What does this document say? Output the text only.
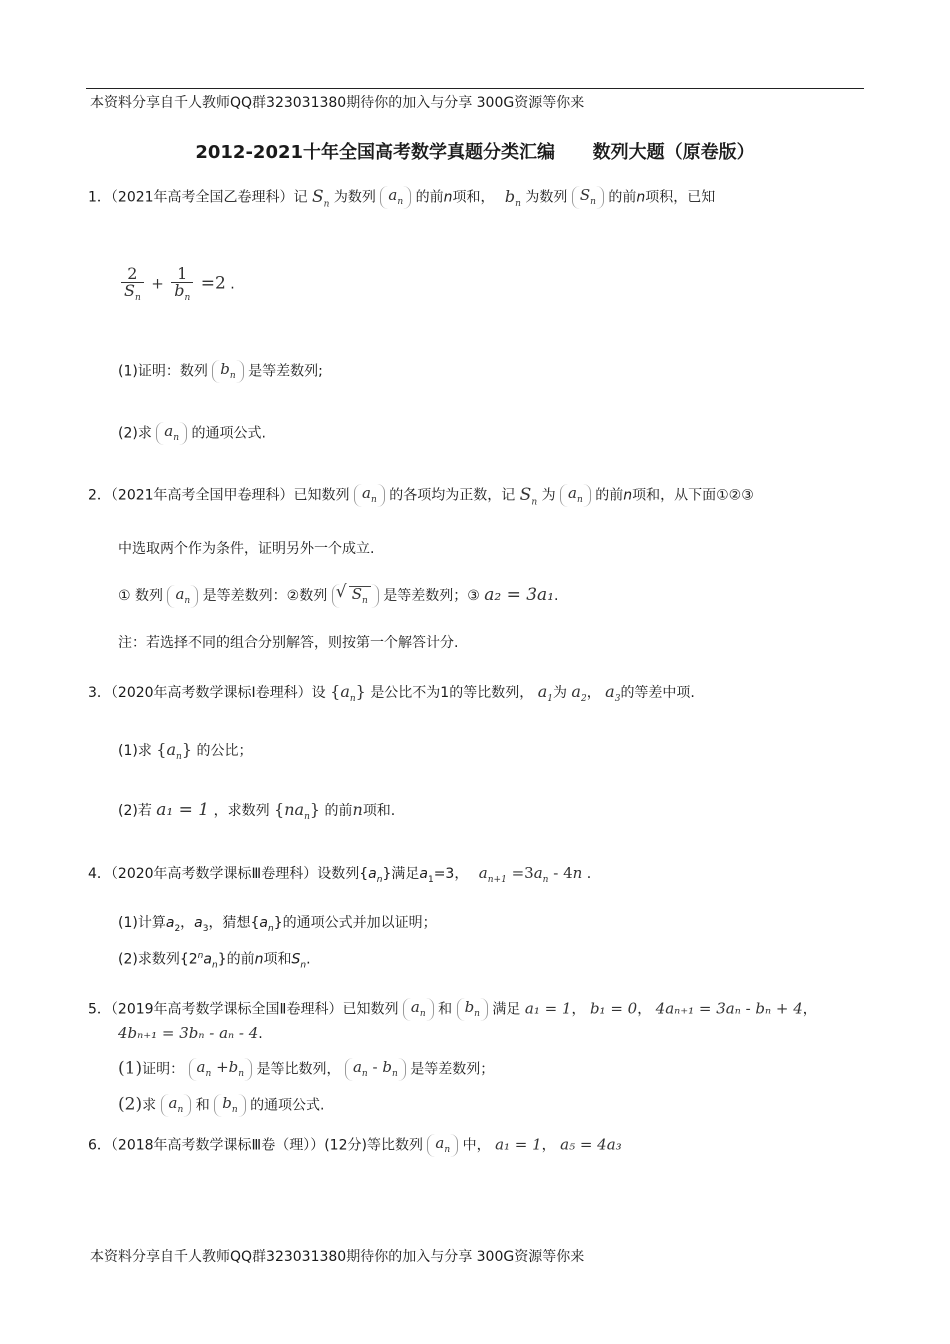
本资料分享自千人教师QQ群323031380期待你的加入与分享 300G资源等你来
2012-2021十年全国高考数学真题分类汇编      数列大题（原卷版）
1．（2021年高考全国乙卷理科）记 $S_n$ 为数列 $a_n$ 的前n项和， $b_n$ 为数列 $S_n$ 的前n项积，已知
$\frac{2}{S_n} + \frac{1}{b_n} =2$ .
(1)证明：数列 $b_n$ 是等差数列;
(2)求 $a_n$ 的通项公式.
2．（2021年高考全国甲卷理科）已知数列 $a_n$ 的各项均为正数，记 $S_n$ 为 $a_n$ 的前n项和，从下面①②③
中选取两个作为条件，证明另外一个成立.
① 数列 $a_n$ 是等差数列：②数列 √ $S_n$ 是等差数列；③ a₂ = 3a₁.
注：若选择不同的组合分别解答，则按第一个解答计分.
3．（2020年高考数学课标Ⅰ卷理科）设 $\{a_n\}$ 是公比不为1的等比数列， $a_1$为 $a_2$， $a_3$的等差中项.
(1)求 $\{a_n\}$ 的公比；
(2)若 a₁ = 1 ，求数列 $\{na_n\}$ 的前n项和.
4．（2020年高考数学课标Ⅲ卷理科）设数列$\{a_n\}$满足$a_1=3$， $a_{n+1} =3a_n - 4n$ .
(1)计算$a_2$，$a_3$，猜想$\{a_n\}$的通项公式并加以证明；
(2)求数列$\{2^na_n\}$的前n项和$S_n$.
5．（2019年高考数学课标全国Ⅱ卷理科）已知数列 $a_n$ 和 $b_n$ 满足 a₁ = 1， b₁ = 0， 4aₙ₊₁ = 3aₙ - bₙ + 4，
4bₙ₊₁ = 3bₙ - aₙ - 4.
(1)证明： $a_n +b_n$ 是等比数列， $a_n - b_n$ 是等差数列；
(2)求 $a_n$ 和 $b_n$ 的通项公式.
6．（2018年高考数学课标Ⅲ卷（理））(12分)等比数列 $a_n$ 中， a₁ = 1， a₅ = 4a₃
本资料分享自千人教师QQ群323031380期待你的加入与分享 300G资源等你来
